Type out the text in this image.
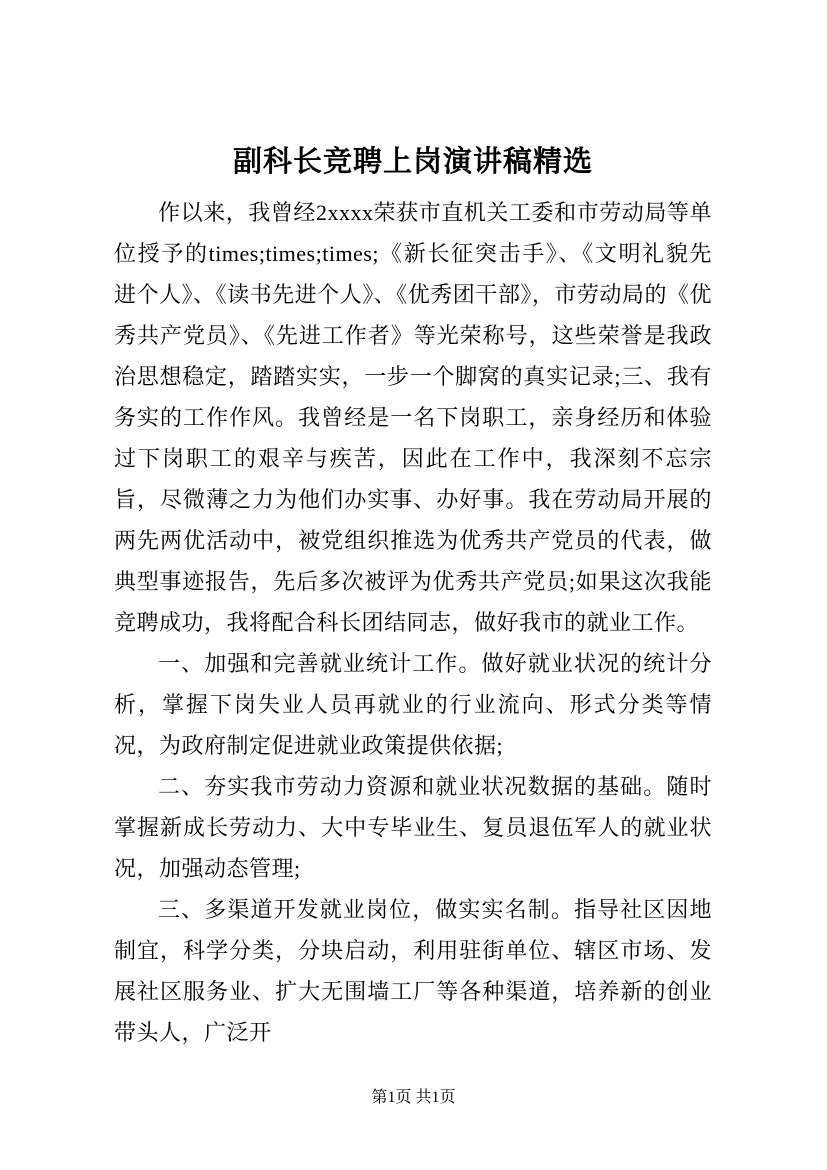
副科长竞聘上岗演讲稿精选

作以来，我曾经2xxxx荣获市直机关工委和市劳动局等单位授予的times;times;times;《新长征突击手》、《文明礼貌先进个人》、《读书先进个人》、《优秀团干部》，市劳动局的《优秀共产党员》、《先进工作者》等光荣称号，这些荣誉是我政治思想稳定，踏踏实实，一步一个脚窝的真实记录;三、我有务实的工作作风。我曾经是一名下岗职工，亲身经历和体验过下岗职工的艰辛与疾苦，因此在工作中，我深刻不忘宗旨，尽微薄之力为他们办实事、办好事。我在劳动局开展的两先两优活动中，被党组织推选为优秀共产党员的代表，做典型事迹报告，先后多次被评为优秀共产党员;如果这次我能竞聘成功，我将配合科长团结同志，做好我市的就业工作。

一、加强和完善就业统计工作。做好就业状况的统计分析，掌握下岗失业人员再就业的行业流向、形式分类等情况，为政府制定促进就业政策提供依据;

二、夯实我市劳动力资源和就业状况数据的基础。随时掌握新成长劳动力、大中专毕业生、复员退伍军人的就业状况，加强动态管理;

三、多渠道开发就业岗位，做实实名制。指导社区因地制宜，科学分类，分块启动，利用驻街单位、辖区市场、发展社区服务业、扩大无围墙工厂等各种渠道，培养新的创业带头人，广泛开

第1页 共1页
